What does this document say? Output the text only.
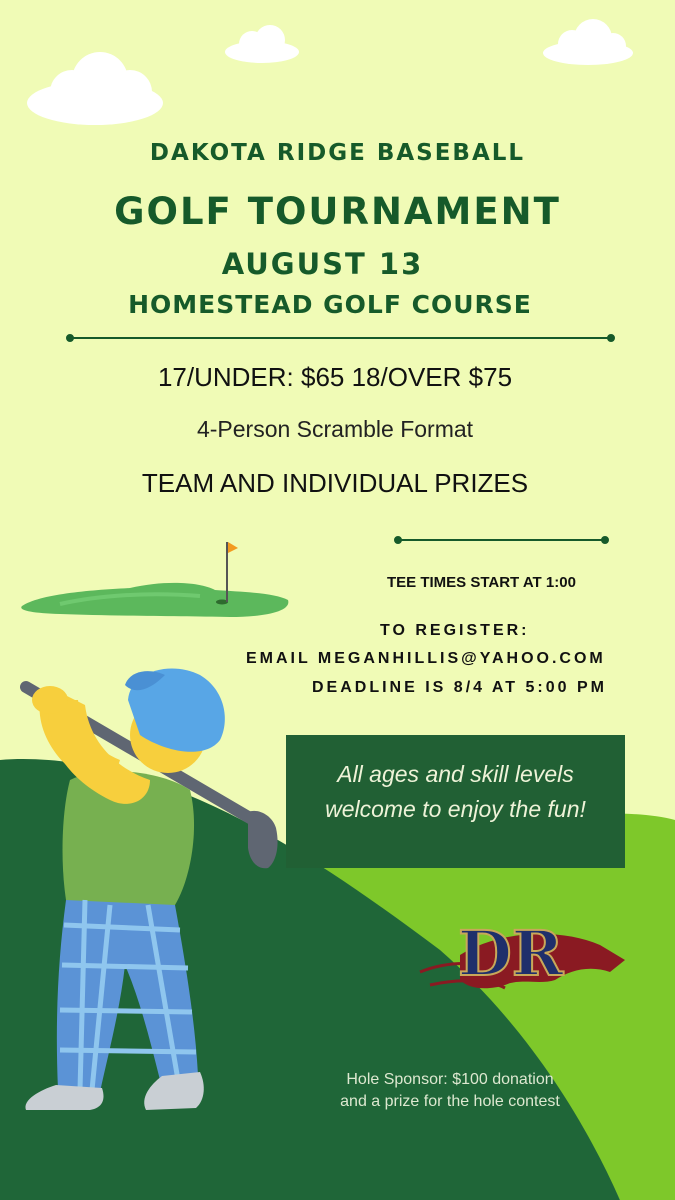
DR
DAKOTA RIDGE BASEBALL
GOLF TOURNAMENT
AUGUST 13
HOMESTEAD GOLF COURSE
17/UNDER: $65 18/OVER $75
4-Person Scramble Format
TEAM AND INDIVIDUAL PRIZES
TEE TIMES START AT 1:00
TO REGISTER:
EMAIL MEGANHILLIS@YAHOO.COM
DEADLINE IS 8/4 AT 5:00 PM
All ages and skill levels
welcome to enjoy the fun!
Hole Sponsor: $100 donation
and a prize for the hole contest
